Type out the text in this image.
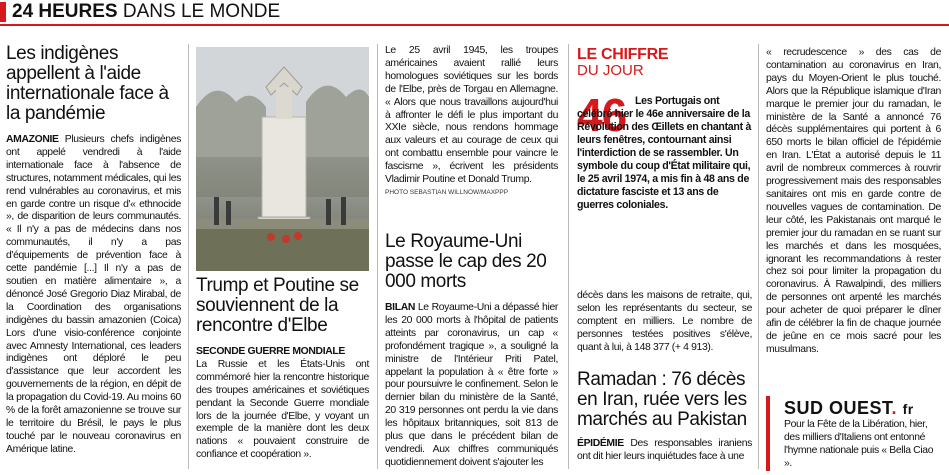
24 HEURES DANS LE MONDE
Les indigènes appellent à l'aide internationale face à la pandémie

AMAZONIE Plusieurs chefs indigènes ont appelé vendredi à l'aide internationale face à l'absence de structures, notamment médicales, qui les rend vulnérables au coronavirus, et mis en garde contre un risque d'« ethnocide », de disparition de leurs communautés. « Il n'y a pas de médecins dans nos communautés, il n'y a pas d'équipements de prévention face à cette pandémie [...] Il n'y a pas de soutien en matière alimentaire », a dénoncé José Gregorio Diaz Mirabal, de la Coordination des organisations indigènes du bassin amazonien (Coica) Lors d'une visio-conférence conjointe avec Amnesty International, ces leaders indigènes ont déploré le peu d'assistance que leur accordent les gouvernements de la région, en dépit de la propagation du Covid-19. Au moins 60 % de la forêt amazonienne se trouve sur le territoire du Brésil, le pays le plus touché par le nouveau coronavirus en Amérique latine.

Trump et Poutine se souviennent de la rencontre d'Elbe

SECONDE GUERRE MONDIALE
La Russie et les États-Unis ont commémoré hier la rencontre historique des troupes américaines et soviétiques pendant la Seconde Guerre mondiale lors de la journée d'Elbe, y voyant un exemple de la manière dont les deux nations « pouvaient construire de confiance et coopération ».

Le 25 avril 1945, les troupes américaines avaient rallié leurs homologues soviétiques sur les bords de l'Elbe, près de Torgau en Allemagne. « Alors que nous travaillons aujourd'hui à affronter le défi le plus important du XXIe siècle, nous rendons hommage aux valeurs et au courage de ceux qui ont combattu ensemble pour vaincre le fascisme », écrivent les présidents Vladimir Poutine et Donald Trump.

PHOTO SEBASTIAN WILLNOW/MAXPPP
Le Royaume-Uni passe le cap des 20 000 morts

BILAN Le Royaume-Uni a dépassé hier les 20 000 morts à l'hôpital de patients atteints par coronavirus, un cap « profondément tragique », a souligné la ministre de l'Intérieur Priti Patel, appelant la population à « être forte » pour poursuivre le confinement. Selon le dernier bilan du ministère de la Santé, 20 319 personnes ont perdu la vie dans les hôpitaux britanniques, soit 813 de plus que dans le précédent bilan de vendredi. Aux chiffres communiqués quotidiennement doivent s'ajouter les

LE CHIFFRE
DU JOUR
46 Les Portugais ont célébré hier le 46e anniversaire de la Révolution des Œillets en chantant à leurs fenêtres, contournant ainsi l'interdiction de se rassembler. Un symbole du coup d'État militaire qui, le 25 avril 1974, a mis fin à 48 ans de dictature fasciste et 13 ans de guerres coloniales.

décès dans les maisons de retraite, qui, selon les représentants du secteur, se comptent en milliers. Le nombre de personnes testées positives s'élève, quant à lui, à 148 377 (+ 4 913).

Ramadan : 76 décès en Iran, ruée vers les marchés au Pakistan

ÉPIDÉMIE Des responsables iraniens ont dit hier leurs inquiétudes face à une

« recrudescence » des cas de contamination au coronavirus en Iran, pays du Moyen-Orient le plus touché. Alors que la République islamique d'Iran marque le premier jour du ramadan, le ministère de la Santé a annoncé 76 décès supplémentaires qui portent à 6 650 morts le bilan officiel de l'épidémie en Iran. L'État a autorisé depuis le 11 avril de nombreux commerces à rouvrir progressivement mais des responsables sanitaires ont mis en garde contre de nouvelles vagues de contamination. De leur côté, les Pakistanais ont marqué le premier jour du ramadan en se ruant sur les marchés et dans les mosquées, ignorant les recommandations à rester chez soi pour limiter la propagation du coronavirus. À Rawalpindi, des milliers de personnes ont arpenté les marchés pour acheter de quoi préparer le dîner afin de célébrer la fin de chaque journée de jeûne en ce mois sacré pour les musulmans.

SUD OUEST. fr
Pour la Fête de la Libération, hier, des milliers d'Italiens ont entonné l'hymne nationale puis « Bella Ciao ».
